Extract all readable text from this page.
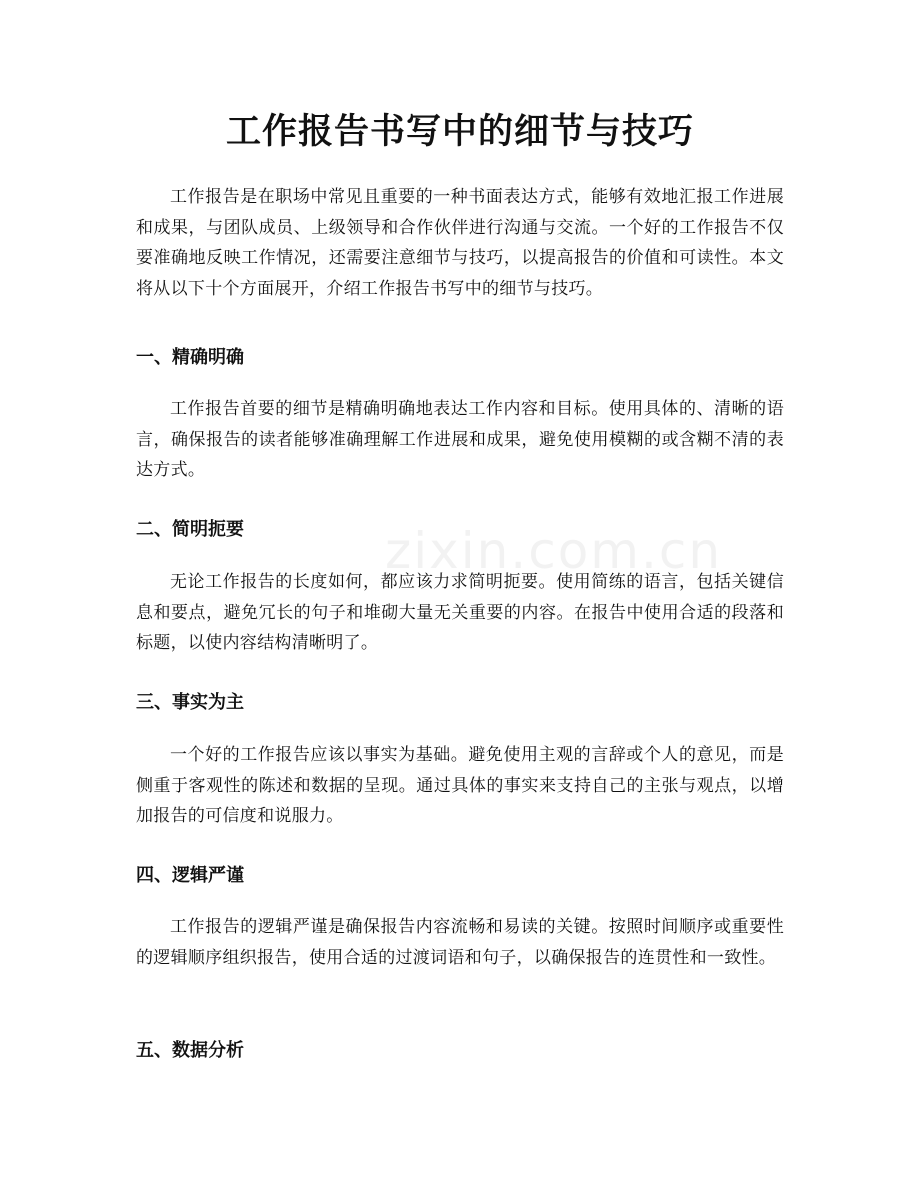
工作报告书写中的细节与技巧

工作报告是在职场中常见且重要的一种书面表达方式，能够有效地汇报工作进展和成果，与团队成员、上级领导和合作伙伴进行沟通与交流。一个好的工作报告不仅要准确地反映工作情况，还需要注意细节与技巧，以提高报告的价值和可读性。本文将从以下十个方面展开，介绍工作报告书写中的细节与技巧。

一、精确明确

工作报告首要的细节是精确明确地表达工作内容和目标。使用具体的、清晰的语言，确保报告的读者能够准确理解工作进展和成果，避免使用模糊的或含糊不清的表达方式。

二、简明扼要

无论工作报告的长度如何，都应该力求简明扼要。使用简练的语言，包括关键信息和要点，避免冗长的句子和堆砌大量无关重要的内容。在报告中使用合适的段落和标题，以使内容结构清晰明了。

三、事实为主

一个好的工作报告应该以事实为基础。避免使用主观的言辞或个人的意见，而是侧重于客观性的陈述和数据的呈现。通过具体的事实来支持自己的主张与观点，以增加报告的可信度和说服力。

四、逻辑严谨

工作报告的逻辑严谨是确保报告内容流畅和易读的关键。按照时间顺序或重要性的逻辑顺序组织报告，使用合适的过渡词语和句子，以确保报告的连贯性和一致性。

五、数据分析
zixin.com.cn
